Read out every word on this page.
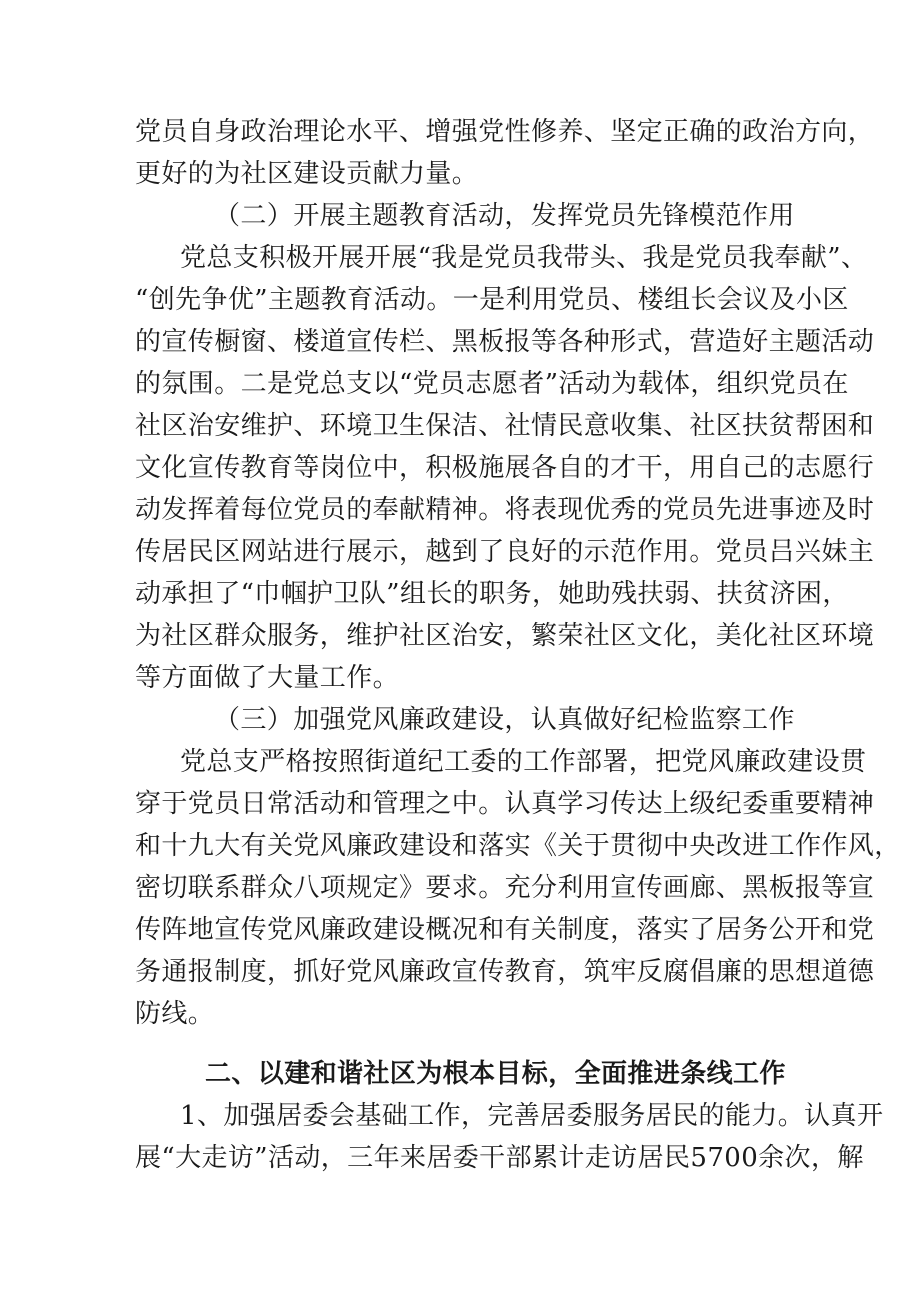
党员自身政治理论水平、增强党性修养、坚定正确的政治方向，
更好的为社区建设贡献力量。
（二）开展主题教育活动，发挥党员先锋模范作用
党总支积极开展开展“我是党员我带头、我是党员我奉献”、
“创先争优”主题教育活动。一是利用党员、楼组长会议及小区
的宣传橱窗、楼道宣传栏、黑板报等各种形式，营造好主题活动
的氛围。二是党总支以“党员志愿者”活动为载体，组织党员在
社区治安维护、环境卫生保洁、社情民意收集、社区扶贫帮困和
文化宣传教育等岗位中，积极施展各自的才干，用自己的志愿行
动发挥着每位党员的奉献精神。将表现优秀的党员先进事迹及时
传居民区网站进行展示，越到了良好的示范作用。党员吕兴妹主
动承担了“巾帼护卫队”组长的职务，她助残扶弱、扶贫济困，
为社区群众服务，维护社区治安，繁荣社区文化，美化社区环境
等方面做了大量工作。
（三）加强党风廉政建设，认真做好纪检监察工作
党总支严格按照街道纪工委的工作部署，把党风廉政建设贯
穿于党员日常活动和管理之中。认真学习传达上级纪委重要精神
和十九大有关党风廉政建设和落实《关于贯彻中央改进工作作风，
密切联系群众八项规定》要求。充分利用宣传画廊、黑板报等宣
传阵地宣传党风廉政建设概况和有关制度，落实了居务公开和党
务通报制度，抓好党风廉政宣传教育，筑牢反腐倡廉的思想道德
防线。
二、以建和谐社区为根本目标，全面推进条线工作
1、加强居委会基础工作，完善居委服务居民的能力。认真开
展“大走访”活动，三年来居委干部累计走访居民5700余次，解
